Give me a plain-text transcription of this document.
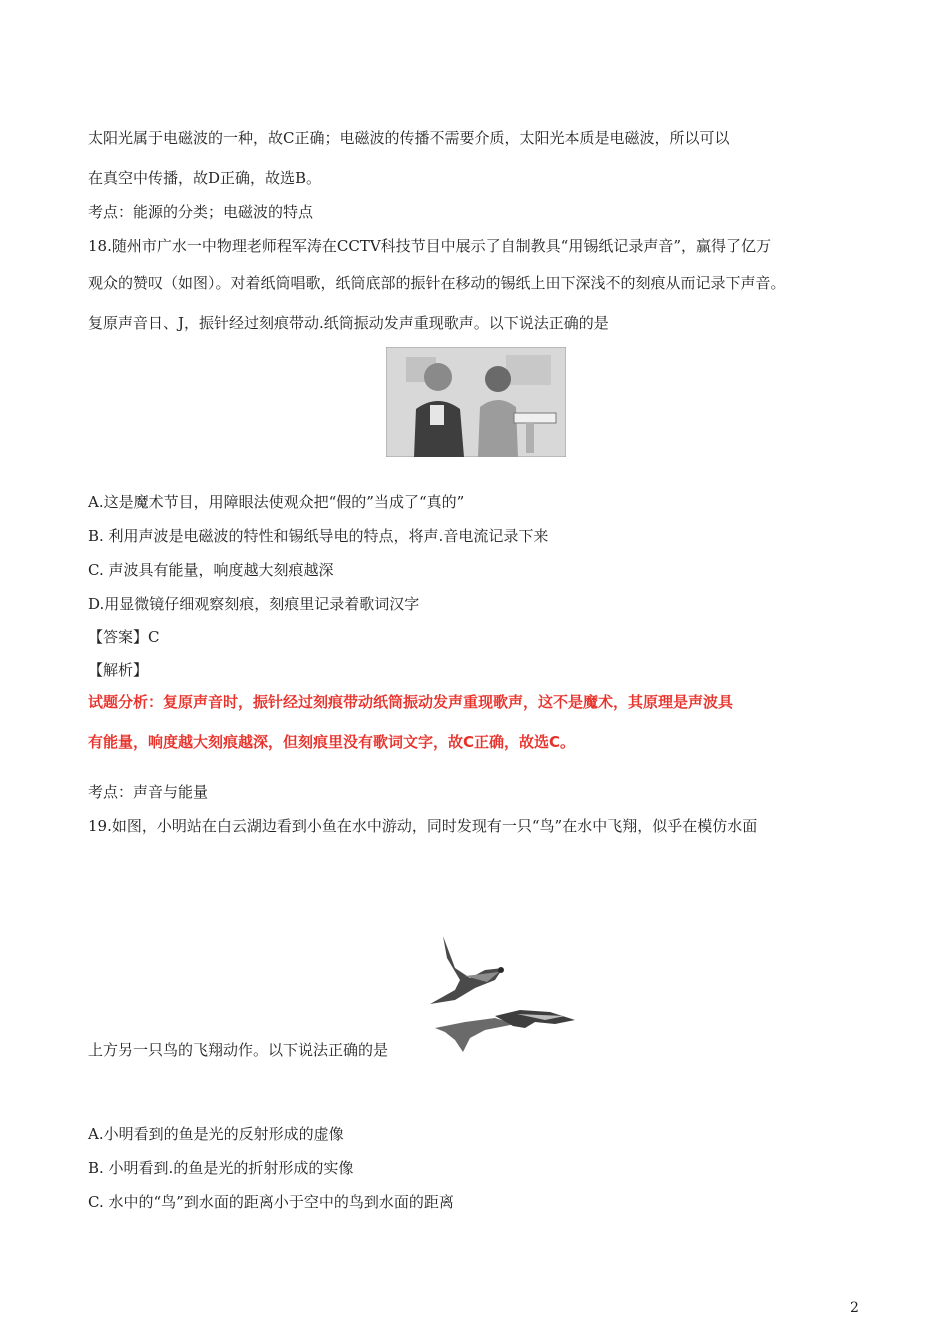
太阳光属于电磁波的一种，故C正确；电磁波的传播不需要介质，太阳光本质是电磁波，所以可以
在真空中传播，故D正确，故选B。
考点：能源的分类；电磁波的特点
18.随州市广水一中物理老师程军涛在CCTV科技节目中展示了自制教具“用锡纸记录声音”，赢得了亿万
观众的赞叹（如图）。对着纸筒唱歌，纸筒底部的振针在移动的锡纸上田下深浅不的刻痕从而记录下声音。
复原声音日、J，振针经过刻痕带动.纸筒振动发声重现歌声。以下说法正确的是
A.这是魔术节目，用障眼法使观众把“假的”当成了“真的”
B. 利用声波是电磁波的特性和锡纸导电的特点，将声.音电流记录下来
C. 声波具有能量，响度越大刻痕越深
D.用显微镜仔细观察刻痕，刻痕里记录着歌词汉字
【答案】C
【解析】
试题分析：复原声音时，振针经过刻痕带动纸筒振动发声重现歌声，这不是魔术，其原理是声波具
有能量，响度越大刻痕越深，但刻痕里没有歌词文字，故C正确，故选C。
考点：声音与能量
19.如图，小明站在白云湖边看到小鱼在水中游动，同时发现有一只“鸟”在水中飞翔，似乎在模仿水面
上方另一只鸟的飞翔动作。以下说法正确的是
A.小明看到的鱼是光的反射形成的虚像
B. 小明看到.的鱼是光的折射形成的实像
C. 水中的“鸟”到水面的距离小于空中的鸟到水面的距离
2
